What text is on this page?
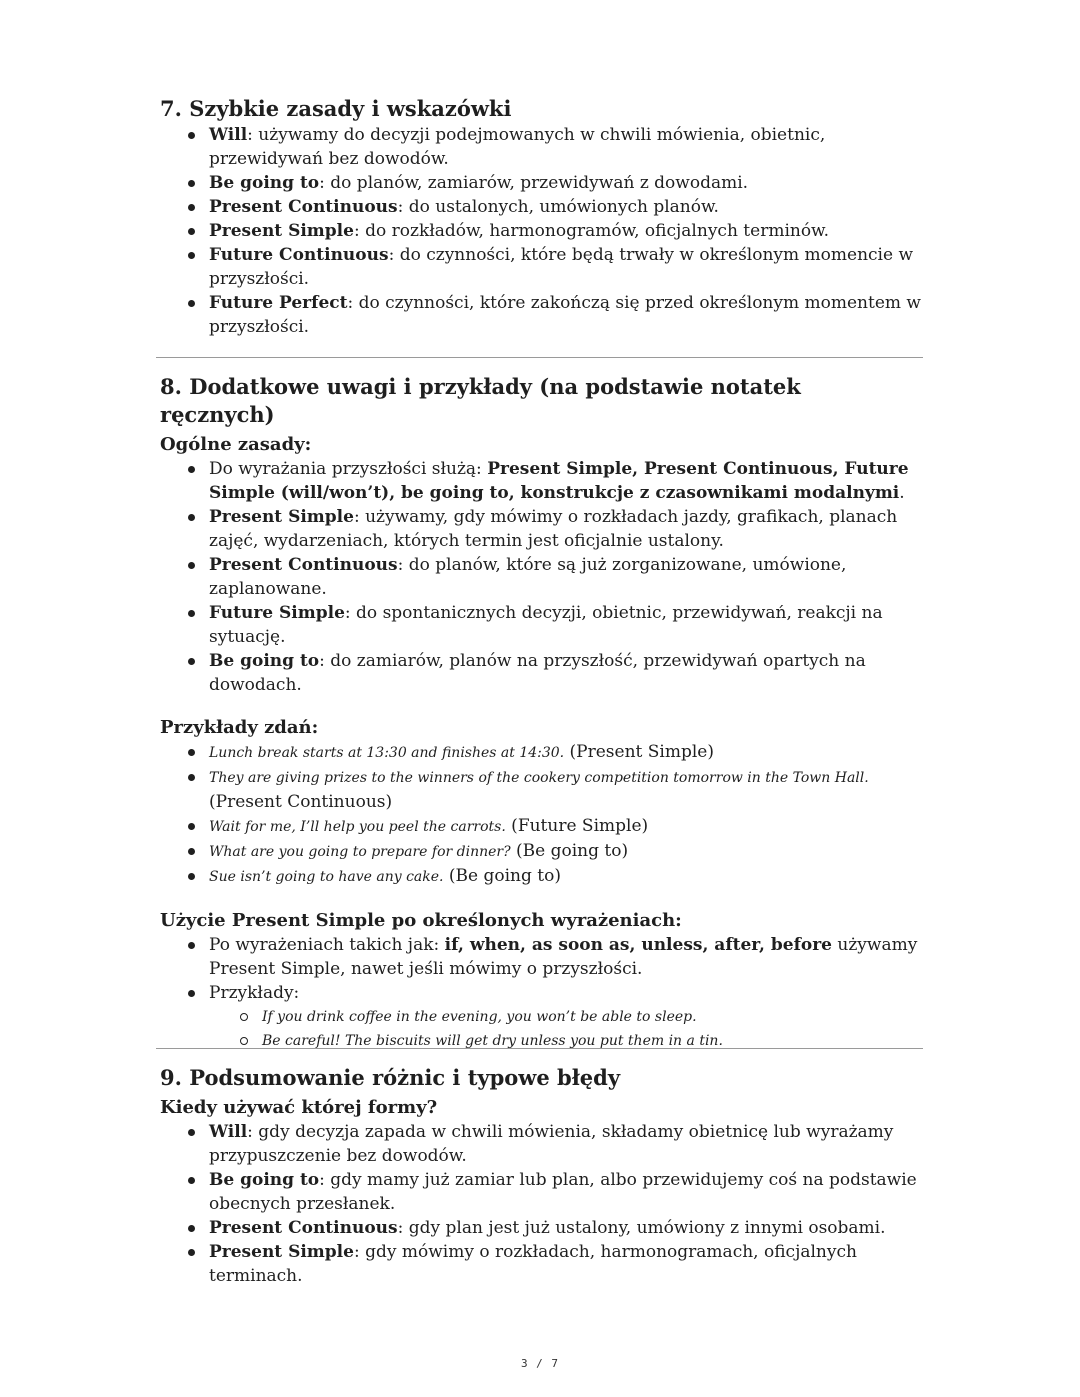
7. Szybkie zasady i wskazówki
Will: używamy do decyzji podejmowanych w chwili mówienia, obietnic, przewidywań bez dowodów.
Be going to: do planów, zamiarów, przewidywań z dowodami.
Present Continuous: do ustalonych, umówionych planów.
Present Simple: do rozkładów, harmonogramów, oficjalnych terminów.
Future Continuous: do czynności, które będą trwały w określonym momencie w przyszłości.
Future Perfect: do czynności, które zakończą się przed określonym momentem w przyszłości.
8. Dodatkowe uwagi i przykłady (na podstawie notatek ręcznych)
Ogólne zasady:
Do wyrażania przyszłości służą: Present Simple, Present Continuous, Future Simple (will/won’t), be going to, konstrukcje z czasownikami modalnymi.
Present Simple: używamy, gdy mówimy o rozkładach jazdy, grafikach, planach zajęć, wydarzeniach, których termin jest oficjalnie ustalony.
Present Continuous: do planów, które są już zorganizowane, umówione, zaplanowane.
Future Simple: do spontanicznych decyzji, obietnic, przewidywań, reakcji na sytuację.
Be going to: do zamiarów, planów na przyszłość, przewidywań opartych na dowodach.
Przykłady zdań:
Lunch break starts at 13:30 and finishes at 14:30. (Present Simple)
They are giving prizes to the winners of the cookery competition tomorrow in the Town Hall. (Present Continuous)
Wait for me, I’ll help you peel the carrots. (Future Simple)
What are you going to prepare for dinner? (Be going to)
Sue isn’t going to have any cake. (Be going to)
Użycie Present Simple po określonych wyrażeniach:
Po wyrażeniach takich jak: if, when, as soon as, unless, after, before używamy Present Simple, nawet jeśli mówimy o przyszłości.
Przykłady:
If you drink coffee in the evening, you won’t be able to sleep.
Be careful! The biscuits will get dry unless you put them in a tin.
9. Podsumowanie różnic i typowe błędy
Kiedy używać której formy?
Will: gdy decyzja zapada w chwili mówienia, składamy obietnicę lub wyrażamy przypuszczenie bez dowodów.
Be going to: gdy mamy już zamiar lub plan, albo przewidujemy coś na podstawie obecnych przesłanek.
Present Continuous: gdy plan jest już ustalony, umówiony z innymi osobami.
Present Simple: gdy mówimy o rozkładach, harmonogramach, oficjalnych terminach.
3 / 7
